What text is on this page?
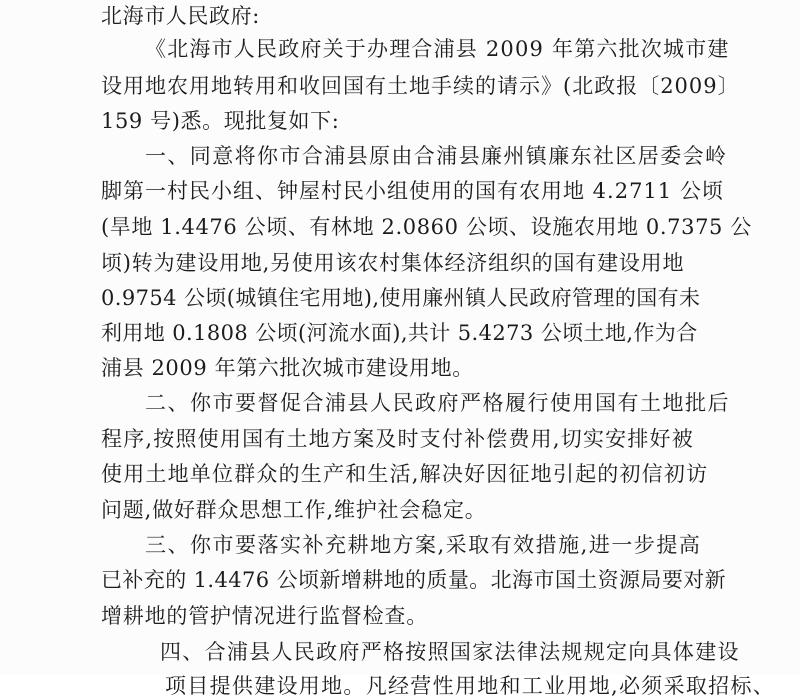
北海市人民政府:
《北海市人民政府关于办理合浦县 2009 年第六批次城市建
设用地农用地转用和收回国有土地手续的请示》(北政报〔2009〕
159 号)悉。现批复如下:
一、同意将你市合浦县原由合浦县廉州镇廉东社区居委会岭
脚第一村民小组、钟屋村民小组使用的国有农用地 4.2711 公顷
(旱地 1.4476 公顷、有林地 2.0860 公顷、设施农用地 0.7375 公
顷)转为建设用地,另使用该农村集体经济组织的国有建设用地
0.9754 公顷(城镇住宅用地),使用廉州镇人民政府管理的国有未
利用地 0.1808 公顷(河流水面),共计 5.4273 公顷土地,作为合
浦县 2009 年第六批次城市建设用地。
二、你市要督促合浦县人民政府严格履行使用国有土地批后
程序,按照使用国有土地方案及时支付补偿费用,切实安排好被
使用土地单位群众的生产和生活,解决好因征地引起的初信初访
问题,做好群众思想工作,维护社会稳定。
三、你市要落实补充耕地方案,采取有效措施,进一步提高
已补充的 1.4476 公顷新增耕地的质量。北海市国土资源局要对新
增耕地的管护情况进行监督检查。
四、合浦县人民政府严格按照国家法律法规规定向具体建设
项目提供建设用地。凡经营性用地和工业用地,必须采取招标、
